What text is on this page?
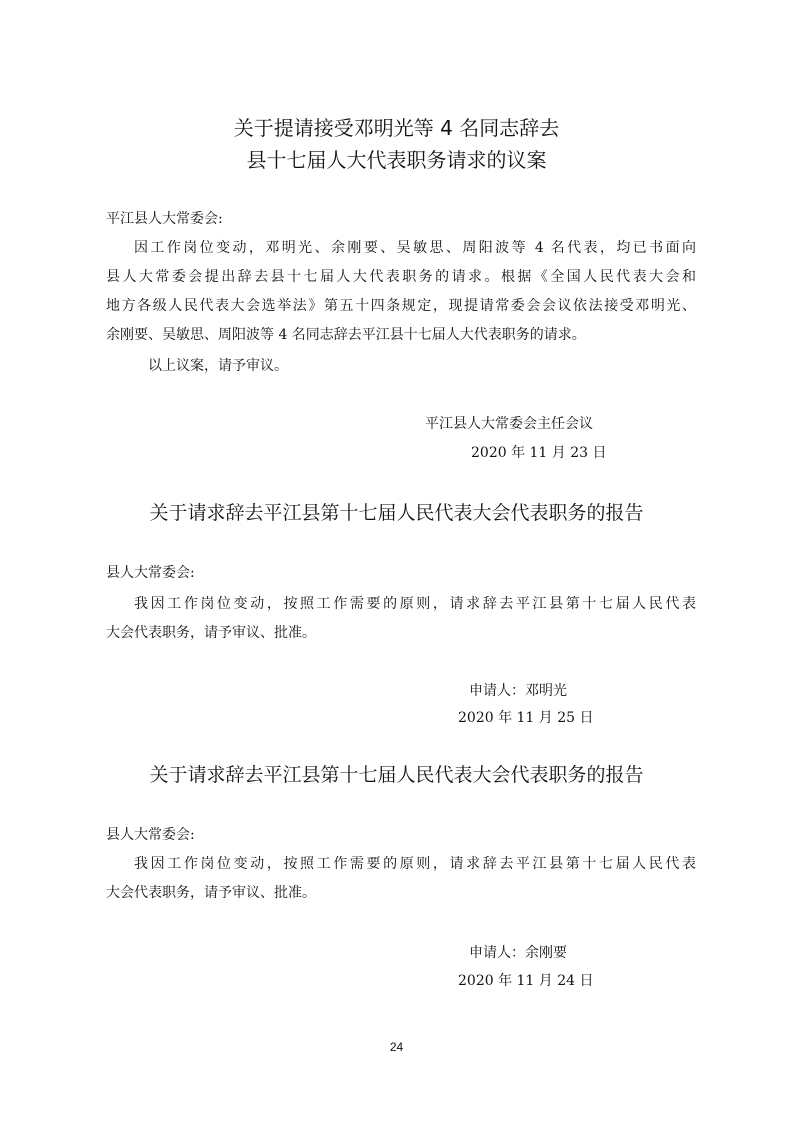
关于提请接受邓明光等 4 名同志辞去
县十七届人大代表职务请求的议案

平江县人大常委会:

因工作岗位变动，邓明光、余刚要、吴敏思、周阳波等 4 名代表，均已书面向
县人大常委会提出辞去县十七届人大代表职务的请求。根据《全国人民代表大会和
地方各级人民代表大会选举法》第五十四条规定，现提请常委会会议依法接受邓明光、
余刚要、吴敏思、周阳波等 4 名同志辞去平江县十七届人大代表职务的请求。

以上议案，请予审议。

平江县人大常委会主任会议

2020 年 11 月 23 日

关于请求辞去平江县第十七届人民代表大会代表职务的报告

县人大常委会:

我因工作岗位变动，按照工作需要的原则，请求辞去平江县第十七届人民代表
大会代表职务，请予审议、批准。

申请人：邓明光

2020 年 11 月 25 日

关于请求辞去平江县第十七届人民代表大会代表职务的报告

县人大常委会:

我因工作岗位变动，按照工作需要的原则，请求辞去平江县第十七届人民代表
大会代表职务，请予审议、批准。

申请人：余刚要

2020 年 11 月 24 日

24
